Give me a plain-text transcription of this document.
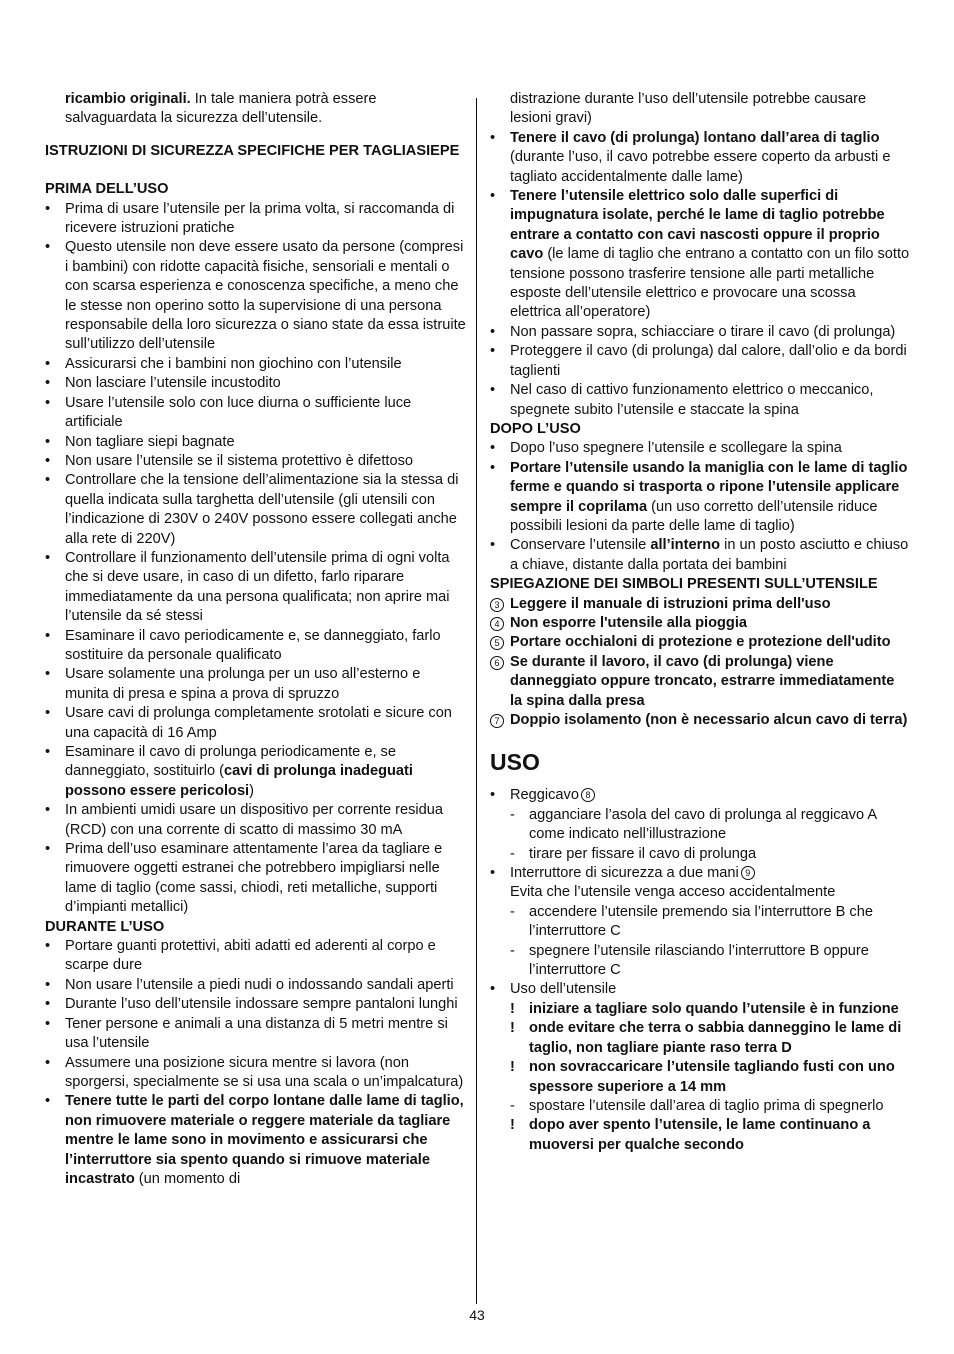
ricambio originali. In tale maniera potrà essere salvaguardata la sicurezza dell’utensile.

ISTRUZIONI DI SICUREZZA SPECIFICHE PER TAGLIASIEPE

PRIMA DELL’USO

• Prima di usare l’utensile per la prima volta, si raccomanda di ricevere istruzioni pratiche
• Questo utensile non deve essere usato da persone (compresi i bambini) con ridotte capacità fisiche, sensoriali e mentali o con scarsa esperienza e conoscenza specifiche, a meno che le stesse non operino sotto la supervisione di una persona responsabile della loro sicurezza o siano state da essa istruite sull’utilizzo dell’utensile
• Assicurarsi che i bambini non giochino con l’utensile
• Non lasciare l’utensile incustodito
• Usare l’utensile solo con luce diurna o sufficiente luce artificiale
• Non tagliare siepi bagnate
• Non usare l’utensile se il sistema protettivo è difettoso
• Controllare che la tensione dell’alimentazione sia la stessa di quella indicata sulla targhetta dell’utensile (gli utensili con l’indicazione di 230V o 240V possono essere collegati anche alla rete di 220V)
• Controllare il funzionamento dell’utensile prima di ogni volta che si deve usare, in caso di un difetto, farlo riparare immediatamente da una persona qualificata; non aprire mai l’utensile da sé stessi
• Esaminare il cavo periodicamente e, se danneggiato, farlo sostituire da personale qualificato
• Usare solamente una prolunga per un uso all’esterno e munita di presa e spina a prova di spruzzo
• Usare cavi di prolunga completamente srotolati e sicure con una capacità di 16 Amp
• Esaminare il cavo di prolunga periodicamente e, se danneggiato, sostituirlo (cavi di prolunga inadeguati possono essere pericolosi)
• In ambienti umidi usare un dispositivo per corrente residua (RCD) con una corrente di scatto di massimo 30 mA
• Prima dell’uso esaminare attentamente l’area da tagliare e rimuovere oggetti estranei che potrebbero impigliarsi nelle lame di taglio (come sassi, chiodi, reti metalliche, supporti d’impianti metallici)

DURANTE L’USO

• Portare guanti protettivi, abiti adatti ed aderenti al corpo e scarpe dure
• Non usare l’utensile a piedi nudi o indossando sandali aperti
• Durante l’uso dell’utensile indossare sempre pantaloni lunghi
• Tener persone e animali a una distanza di 5 metri mentre si usa l’utensile
• Assumere una posizione sicura mentre si lavora (non sporgersi, specialmente se si usa una scala o un’impalcatura)
• Tenere tutte le parti del corpo lontane dalle lame di taglio, non rimuovere materiale o reggere materiale da tagliare mentre le lame sono in movimento e assicurarsi che l’interruttore sia spento quando si rimuove materiale incastrato (un momento di

distrazione durante l’uso dell’utensile potrebbe causare lesioni gravi)

• Tenere il cavo (di prolunga) lontano dall’area di taglio (durante l’uso, il cavo potrebbe essere coperto da arbusti e tagliato accidentalmente dalle lame)
• Tenere l’utensile elettrico solo dalle superfici di impugnatura isolate, perché le lame di taglio potrebbe entrare a contatto con cavi nascosti oppure il proprio cavo (le lame di taglio che entrano a contatto con un filo sotto tensione possono trasferire tensione alle parti metalliche esposte dell’utensile elettrico e provocare una scossa elettrica all’operatore)
• Non passare sopra, schiacciare o tirare il cavo (di prolunga)
• Proteggere il cavo (di prolunga) dal calore, dall’olio e da bordi taglienti
• Nel caso di cattivo funzionamento elettrico o meccanico, spegnete subito l’utensile e staccate la spina

DOPO L’USO

• Dopo l’uso spegnere l’utensile e scollegare la spina
• Portare l’utensile usando la maniglia con le lame di taglio ferme e quando si trasporta o ripone l’utensile applicare sempre il coprilama (un uso corretto dell’utensile riduce possibili lesioni da parte delle lame di taglio)
• Conservare l’utensile all’interno in un posto asciutto e chiuso a chiave, distante dalla portata dei bambini

SPIEGAZIONE DEI SIMBOLI PRESENTI SULL’UTENSILE

3 Leggere il manuale di istruzioni prima dell'uso

4 Non esporre l'utensile alla pioggia

5 Portare occhialoni di protezione e protezione dell'udito

6 Se durante il lavoro, il cavo (di prolunga) viene danneggiato oppure troncato, estrarre immediatamente la spina dalla presa

7 Doppio isolamento (non è necessario alcun cavo di terra)

USO
• Reggicavo 8
- agganciare l’asola del cavo di prolunga al reggicavo A come indicato nell’illustrazione
- tirare per fissare il cavo di prolunga
• Interruttore di sicurezza a due mani 9

Evita che l’utensile venga acceso accidentalmente

- accendere l’utensile premendo sia l’interruttore B che l’interruttore C
- spegnere l’utensile rilasciando l’interruttore B oppure l’interruttore C
• Uso dell’utensile
! iniziare a tagliare solo quando l’utensile è in funzione
! onde evitare che terra o sabbia danneggino le lame di taglio, non tagliare piante raso terra D
! non sovraccaricare l’utensile tagliando fusti con uno spessore superiore a 14 mm
- spostare l’utensile dall’area di taglio prima di spegnerlo
! dopo aver spento l’utensile, le lame continuano a muoversi per qualche secondo
43
